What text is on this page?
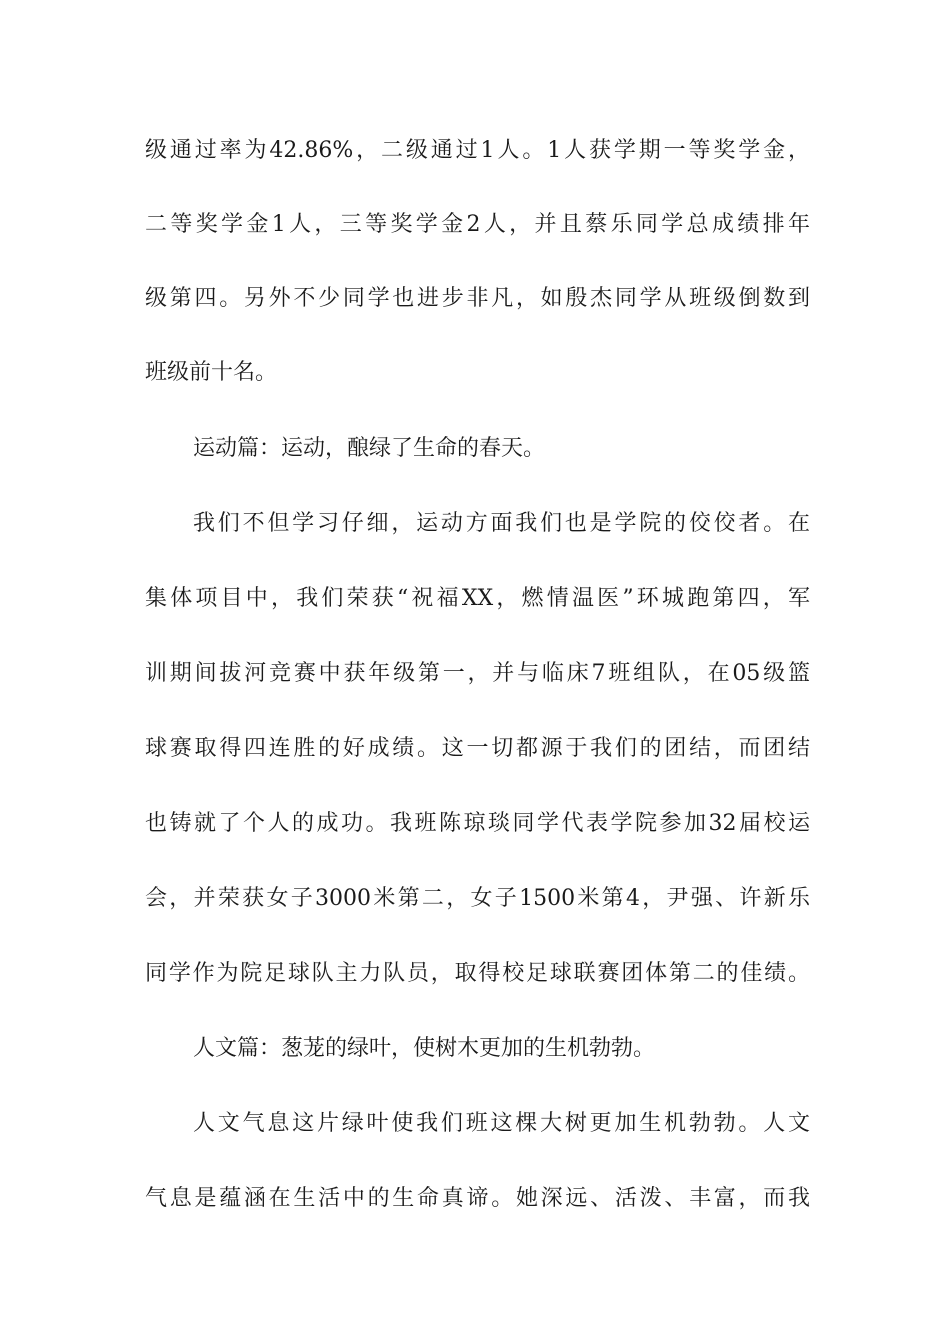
级通过率为42.86%，二级通过1人。1人获学期一等奖学金，
二等奖学金1人，三等奖学金2人，并且蔡乐同学总成绩排年
级第四。另外不少同学也进步非凡，如殷杰同学从班级倒数到
班级前十名。
运动篇：运动，酿绿了生命的春天。
我们不但学习仔细，运动方面我们也是学院的佼佼者。在
集体项目中，我们荣获“祝福XX，燃情温医”环城跑第四，军
训期间拔河竞赛中获年级第一，并与临床7班组队，在05级篮
球赛取得四连胜的好成绩。这一切都源于我们的团结，而团结
也铸就了个人的成功。我班陈琼琰同学代表学院参加32届校运
会，并荣获女子3000米第二，女子1500米第4，尹强、许新乐
同学作为院足球队主力队员，取得校足球联赛团体第二的佳绩。
人文篇：葱茏的绿叶，使树木更加的生机勃勃。
人文气息这片绿叶使我们班这棵大树更加生机勃勃。人文
气息是蕴涵在生活中的生命真谛。她深远、活泼、丰富，而我
